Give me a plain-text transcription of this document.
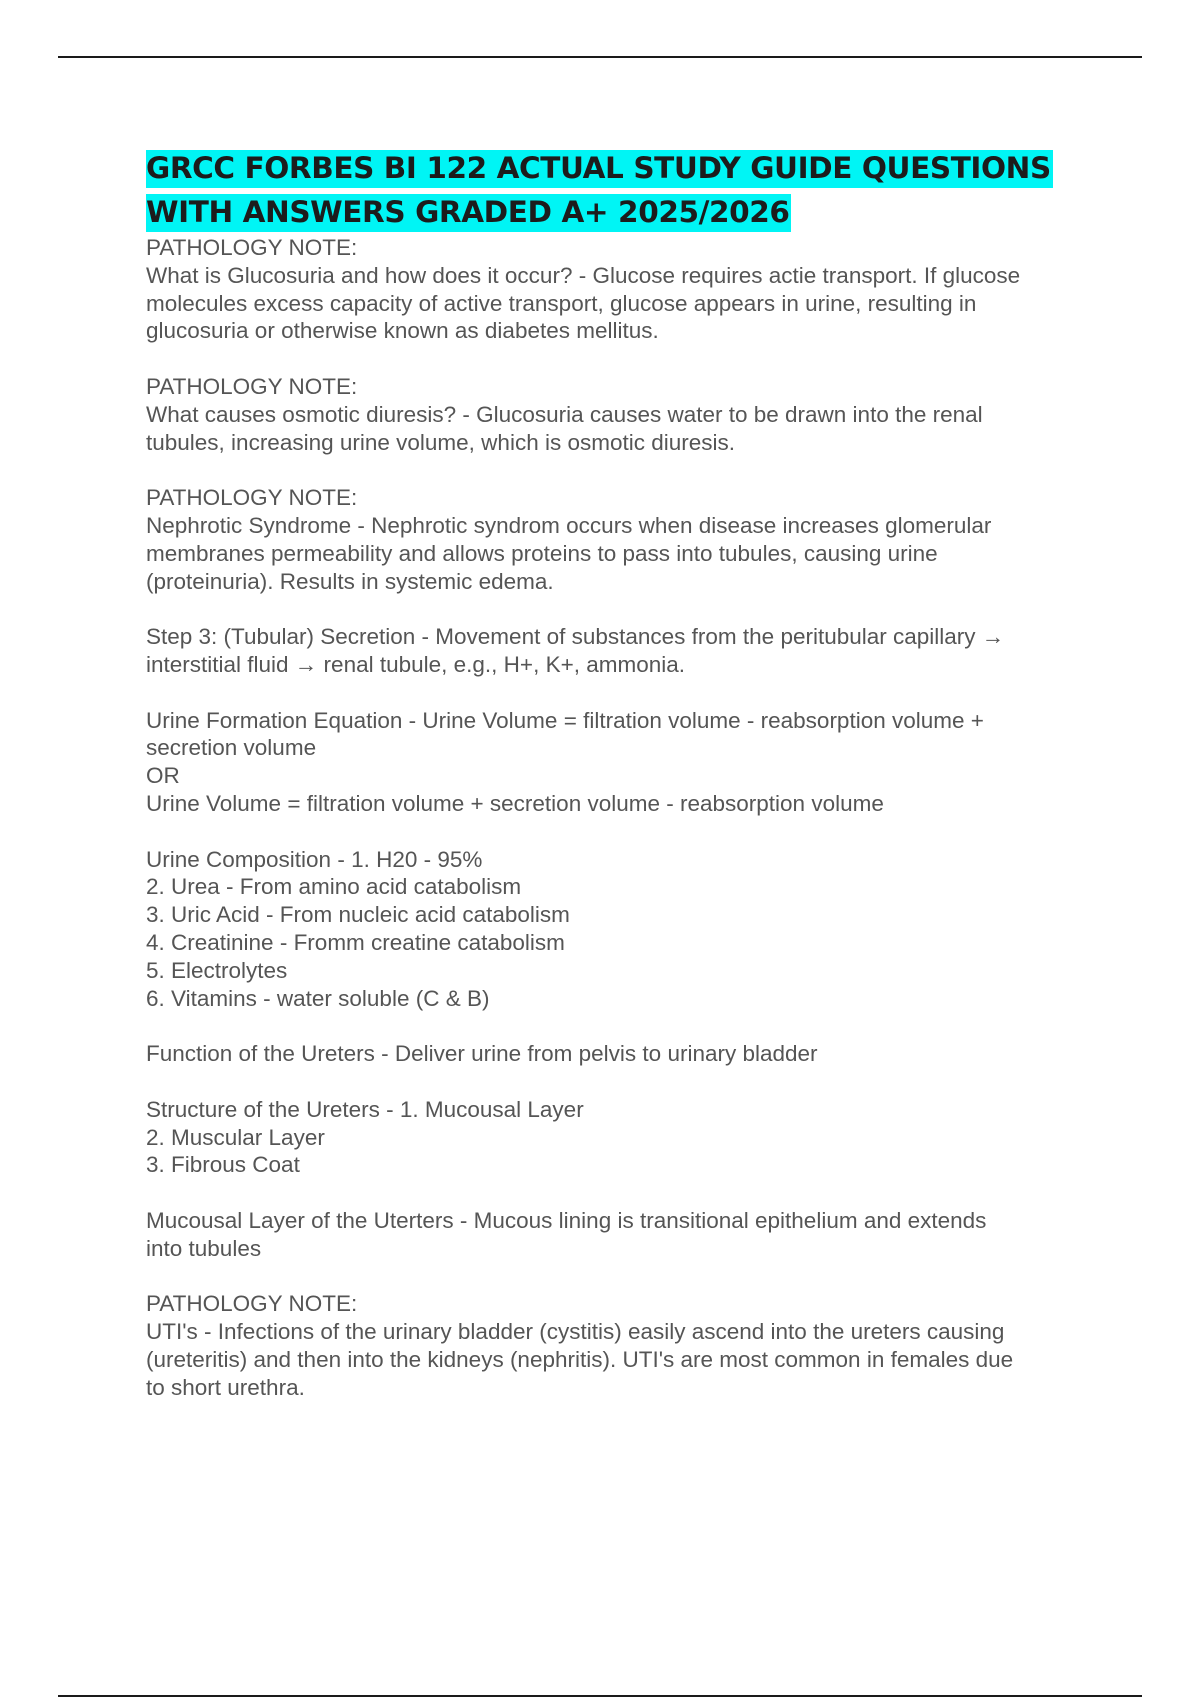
GRCC FORBES BI 122 ACTUAL STUDY GUIDE QUESTIONS
WITH ANSWERS GRADED A+ 2025/2026
PATHOLOGY NOTE:
What is Glucosuria and how does it occur? - Glucose requires actie transport. If glucose
molecules excess capacity of active transport, glucose appears in urine, resulting in
glucosuria or otherwise known as diabetes mellitus.
PATHOLOGY NOTE:
What causes osmotic diuresis? - Glucosuria causes water to be drawn into the renal
tubules, increasing urine volume, which is osmotic diuresis.
PATHOLOGY NOTE:
Nephrotic Syndrome - Nephrotic syndrom occurs when disease increases glomerular
membranes permeability and allows proteins to pass into tubules, causing urine
(proteinuria). Results in systemic edema.
Step 3: (Tubular) Secretion - Movement of substances from the peritubular capillary →
interstitial fluid → renal tubule, e.g., H+, K+, ammonia.
Urine Formation Equation - Urine Volume = filtration volume - reabsorption volume +
secretion volume
OR
Urine Volume = filtration volume + secretion volume - reabsorption volume
Urine Composition - 1. H20 - 95%
2. Urea - From amino acid catabolism
3. Uric Acid - From nucleic acid catabolism
4. Creatinine - Fromm creatine catabolism
5. Electrolytes
6. Vitamins - water soluble (C & B)
Function of the Ureters - Deliver urine from pelvis to urinary bladder
Structure of the Ureters - 1. Mucousal Layer
2. Muscular Layer
3. Fibrous Coat
Mucousal Layer of the Uterters - Mucous lining is transitional epithelium and extends
into tubules
PATHOLOGY NOTE:
UTI's - Infections of the urinary bladder (cystitis) easily ascend into the ureters causing
(ureteritis) and then into the kidneys (nephritis). UTI's are most common in females due
to short urethra.
